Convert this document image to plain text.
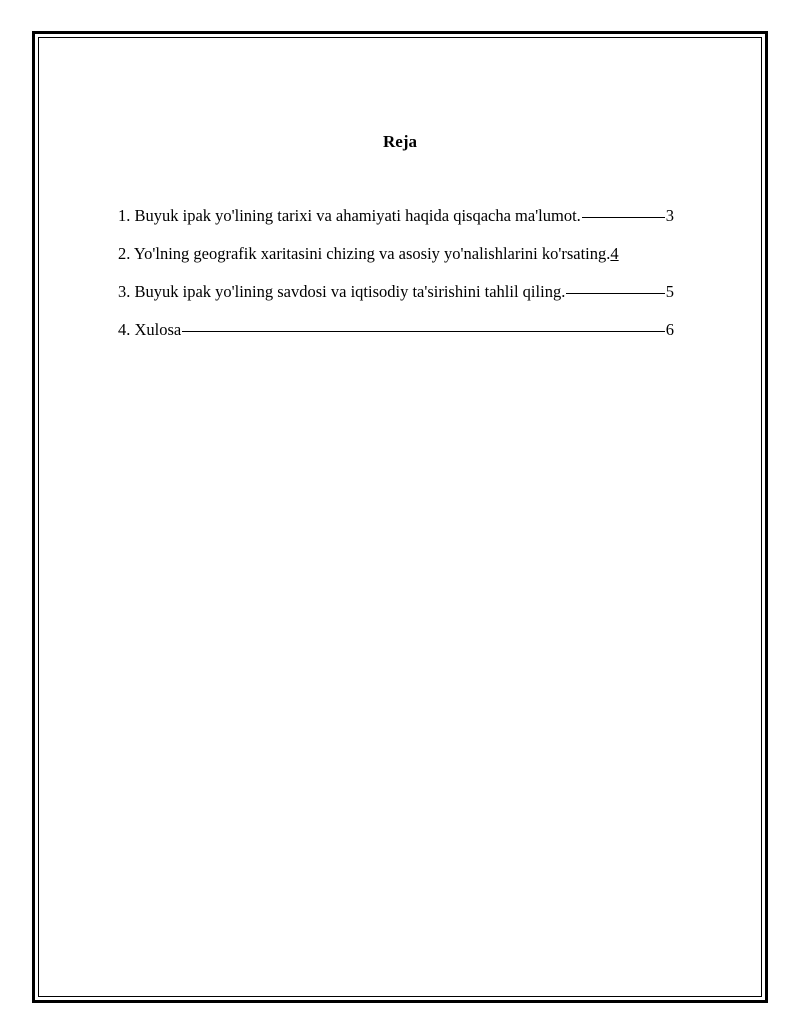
Reja
1. Buyuk ipak yo'lining tarixi va ahamiyati haqida qisqacha ma'lumot.	3
2. Yo'lning geografik xaritasini chizing va asosiy yo'nalishlarini ko'rsating. 4
3. Buyuk ipak yo'lining savdosi va iqtisodiy ta'sirishini tahlil qiling.	5
4. Xulosa	6
